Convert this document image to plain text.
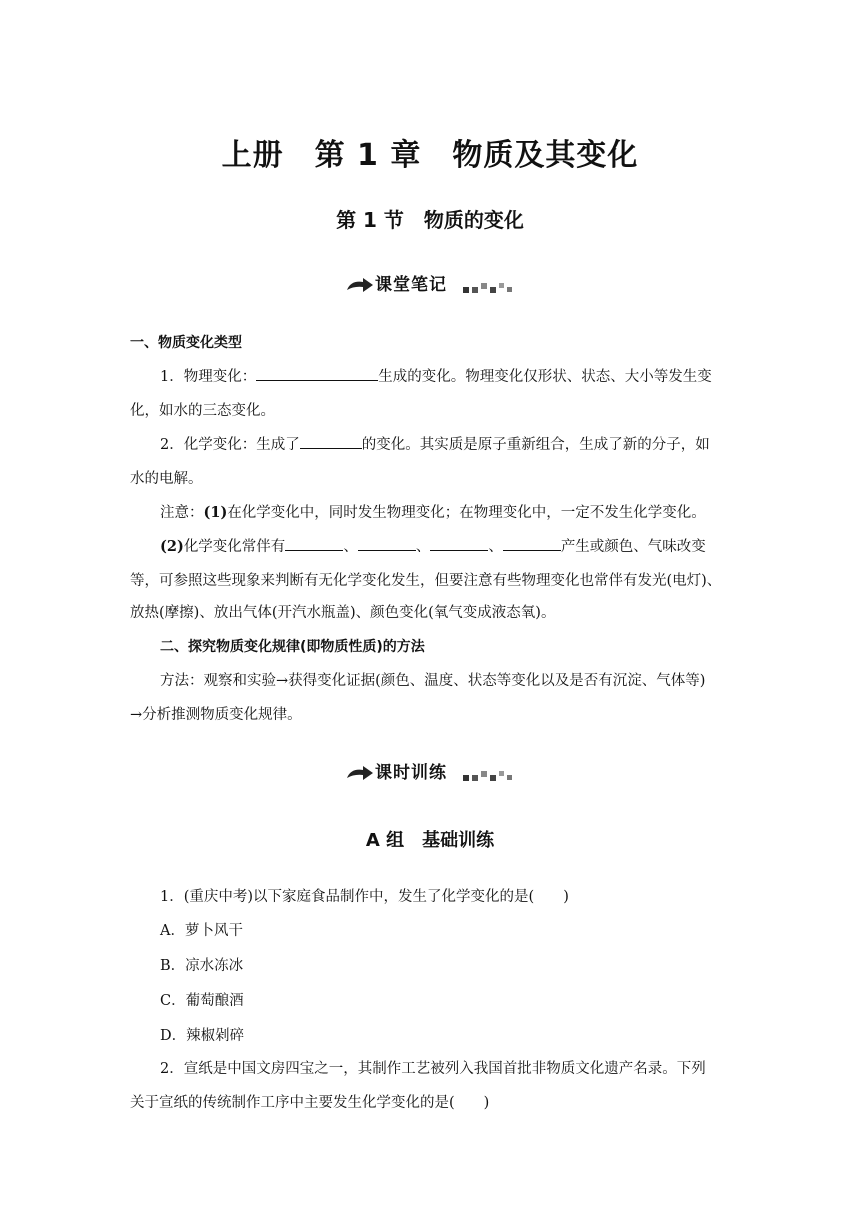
上册　第 1 章　物质及其变化
第 1 节　物质的变化
课堂笔记
一、物质变化类型
1．物理变化：	生成的变化。物理变化仅形状、状态、大小等发生变
化，如水的三态变化。
2．化学变化：生成了	的变化。其实质是原子重新组合，生成了新的分子，如
水的电解。
注意：(1)在化学变化中，同时发生物理变化；在物理变化中，一定不发生化学变化。
(2)化学变化常伴有	、	、	、	产生或颜色、气味改变
等，可参照这些现象来判断有无化学变化发生，但要注意有些物理变化也常伴有发光(电灯)、
放热(摩擦)、放出气体(开汽水瓶盖)、颜色变化(氧气变成液态氧)。
二、探究物质变化规律(即物质性质)的方法
方法：观察和实验→获得变化证据(颜色、温度、状态等变化以及是否有沉淀、气体等)
→分析推测物质变化规律。
课时训练
A 组　基础训练
1．(重庆中考)以下家庭食品制作中，发生了化学变化的是(　　)
A．萝卜风干
B．凉水冻冰
C．葡萄酿酒
D．辣椒剁碎
2．宣纸是中国文房四宝之一，其制作工艺被列入我国首批非物质文化遗产名录。下列
关于宣纸的传统制作工序中主要发生化学变化的是(　　)
